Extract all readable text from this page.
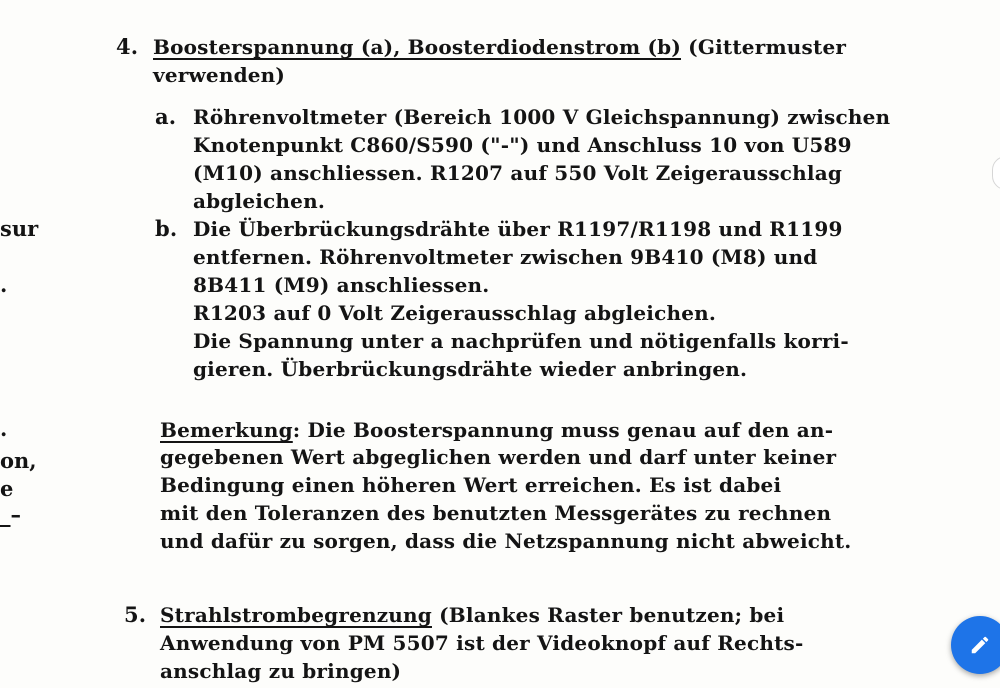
sur
.
.
on,
e
_–
4. Boosterspannung (a), Boosterdiodenstrom (b) (Gittermuster
verwenden)
a. Röhrenvoltmeter (Bereich 1000 V Gleichspannung) zwischen
Knotenpunkt C860/S590 ("-") und Anschluss 10 von U589
(M10) anschliessen. R1207 auf 550 Volt Zeigerausschlag
abgleichen.
b. Die Überbrückungsdrähte über R1197/R1198 und R1199
entfernen. Röhrenvoltmeter zwischen 9B410 (M8) und
8B411 (M9) anschliessen.
R1203 auf 0 Volt Zeigerausschlag abgleichen.
Die Spannung unter a nachprüfen und nötigenfalls korri-
gieren. Überbrückungsdrähte wieder anbringen.
Bemerkung: Die Boosterspannung muss genau auf den an-
gegebenen Wert abgeglichen werden und darf unter keiner
Bedingung einen höheren Wert erreichen. Es ist dabei
mit den Toleranzen des benutzten Messgerätes zu rechnen
und dafür zu sorgen, dass die Netzspannung nicht abweicht.
5. Strahlstrombegrenzung (Blankes Raster benutzen; bei
Anwendung von PM 5507 ist der Videoknopf auf Rechts-
anschlag zu bringen)
